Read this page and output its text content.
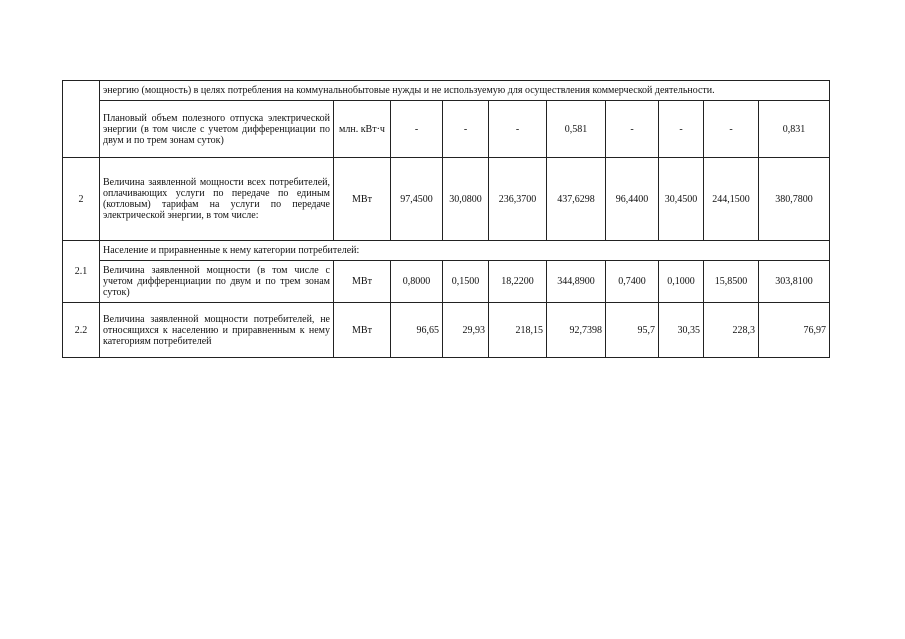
	энергию (мощность) в целях потребления на коммунальнобытовые нужды и не используемую для осуществления коммерческой деятельности.									
	Плановый объем полезного отпуска электрической энергии (в том числе с учетом дифференциации по двум и по трем зонам суток)	млн. кВт·ч	-	-	-	0,581	-	-	-	0,831
2	Величина заявленной мощности всех потребителей, оплачивающих услуги по передаче по единым (котловым) тарифам на услуги по передаче электрической энергии, в том числе:	МВт	97,4500	30,0800	236,3700	437,6298	96,4400	30,4500	244,1500	380,7800
2.1	Население и приравненные к нему категории потребителей:									
	Величина заявленной мощности (в том числе с учетом дифференциации по двум и по трем зонам суток)	МВт	0,8000	0,1500	18,2200	344,8900	0,7400	0,1000	15,8500	303,8100
2.2	Величина заявленной мощности потребителей, не относящихся к населению и приравненным к нему категориям потребителей	МВт	96,65	29,93	218,15	92,7398	95,7	30,35	228,3	76,97
